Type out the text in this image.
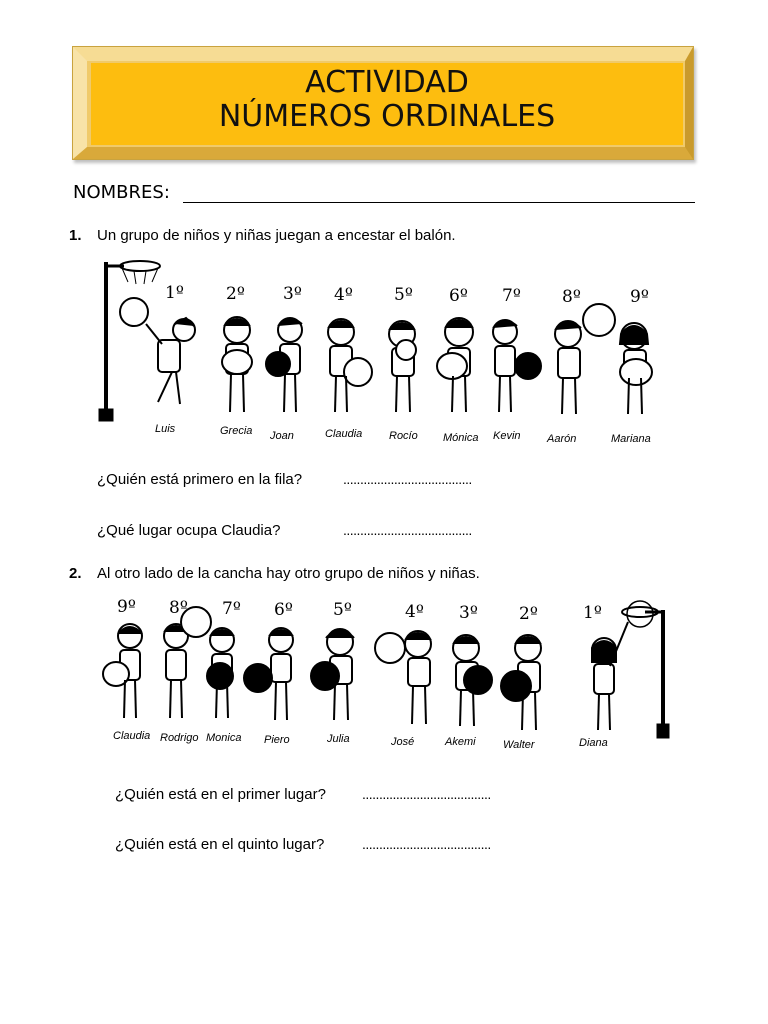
ACTIVIDAD
NÚMEROS ORDINALES
NOMBRES:
1. Un grupo de niños y niñas juegan a encestar el balón.
1º 2º 3º 4º 5º 6º 7º 8º	9º
Luis	Grecia Joan	Claudia Rocío Mónica Kevin Aarón	Mariana
¿Quién está primero en la fila?	......................................
¿Qué lugar ocupa Claudia?	......................................
2. Al otro lado de la cancha hay otro grupo de niños y niñas.
9º 8º 7º 6º 5º	4º 3º 2º	1º
Claudia Rodrigo Monica Piero	Julia	José	Akemi Walter	Diana
¿Quién está en el primer lugar?	......................................
¿Quién está en el quinto lugar?	......................................
